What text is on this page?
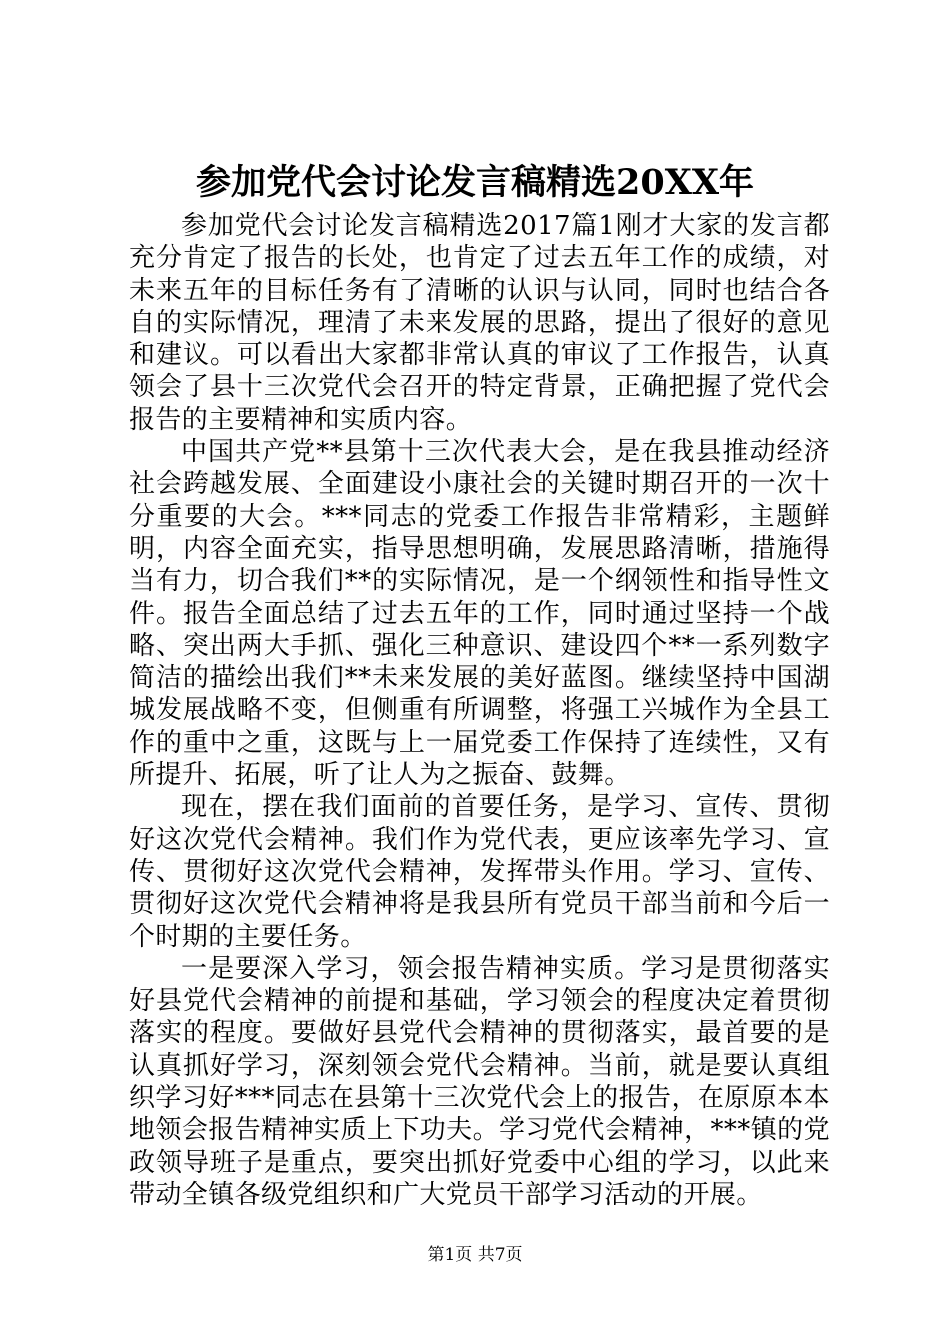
参加党代会讨论发言稿精选20XX年

参加党代会讨论发言稿精选2017篇1刚才大家的发言都充分肯定了报告的长处，也肯定了过去五年工作的成绩，对未来五年的目标任务有了清晰的认识与认同，同时也结合各自的实际情况，理清了未来发展的思路，提出了很好的意见和建议。可以看出大家都非常认真的审议了工作报告，认真领会了县十三次党代会召开的特定背景，正确把握了党代会报告的主要精神和实质内容。

中国共产党**县第十三次代表大会，是在我县推动经济社会跨越发展、全面建设小康社会的关键时期召开的一次十分重要的大会。***同志的党委工作报告非常精彩，主题鲜明，内容全面充实，指导思想明确，发展思路清晰，措施得当有力，切合我们**的实际情况，是一个纲领性和指导性文件。报告全面总结了过去五年的工作，同时通过坚持一个战略、突出两大手抓、强化三种意识、建设四个**一系列数字简洁的描绘出我们**未来发展的美好蓝图。继续坚持中国湖城发展战略不变，但侧重有所调整，将强工兴城作为全县工作的重中之重，这既与上一届党委工作保持了连续性，又有所提升、拓展，听了让人为之振奋、鼓舞。

现在，摆在我们面前的首要任务，是学习、宣传、贯彻好这次党代会精神。我们作为党代表，更应该率先学习、宣传、贯彻好这次党代会精神，发挥带头作用。学习、宣传、贯彻好这次党代会精神将是我县所有党员干部当前和今后一个时期的主要任务。

一是要深入学习，领会报告精神实质。学习是贯彻落实好县党代会精神的前提和基础，学习领会的程度决定着贯彻落实的程度。要做好县党代会精神的贯彻落实，最首要的是认真抓好学习，深刻领会党代会精神。当前，就是要认真组织学习好***同志在县第十三次党代会上的报告，在原原本本地领会报告精神实质上下功夫。学习党代会精神，***镇的党政领导班子是重点，要突出抓好党委中心组的学习，以此来带动全镇各级党组织和广大党员干部学习活动的开展。

第1页 共7页
